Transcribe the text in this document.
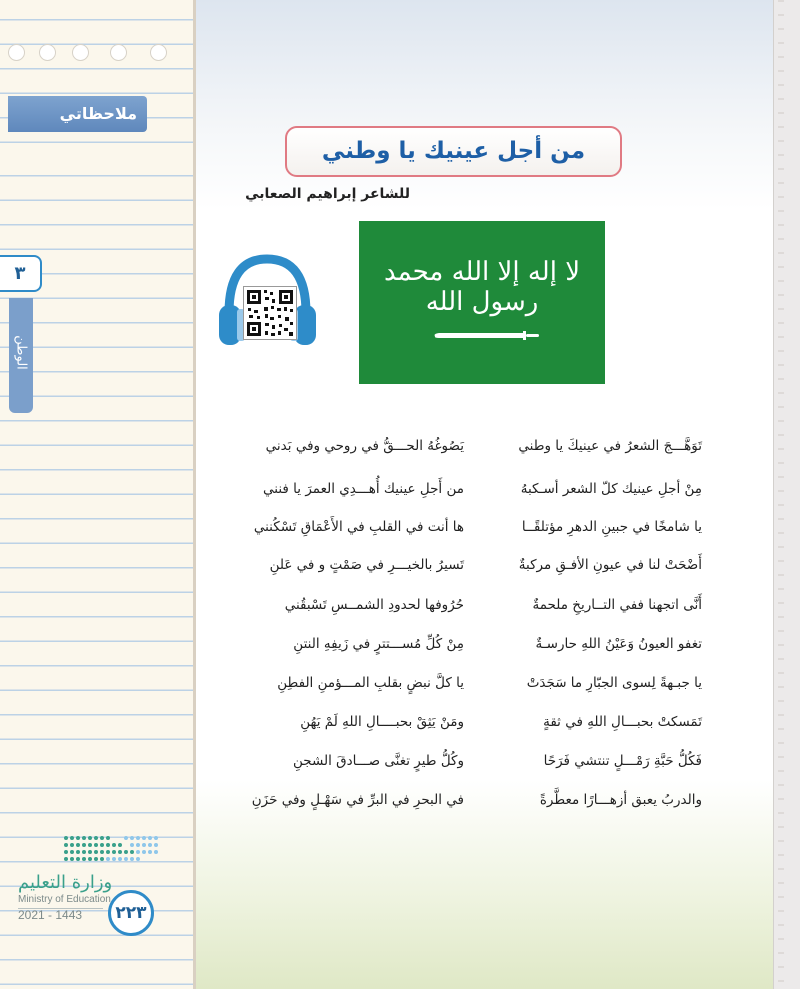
ملاحظاتي
٣
الوطن
وزارة التعليم
Ministry of Education
2021 - 1443	٢٢٣
من أجل عينيك يا وطني
للشاعر إبراهيم الصعابي
لا إله إلا الله محمد رسول الله
تَوَهَّـــجَ الشعرُ في عينيكَ يا وطني
يَصُوغُهُ الحـــقُّ في روحي وفي بَدني
مِنْ أجلِ عينيك كلّ الشعر أسـكبهُ
من أَجلِ عينيك أُهـــدِي العمرَ يا فنني
يا شامخًا في جبينِ الدهرِ مؤتلقًــا
ها أنت في القلبِ في الأَعْمَاقِ تَسْكُنني
أَضْحَتْ لنا في عيونِ الأفـقِ مركبةٌ
تَسيرُ بالخيـــرِ في صَمْتٍ و في عَلنِ
أَنَّى اتجهنا ففي التــاريخِ ملحمةٌ
حُرُوفها لحدودِ الشمــسِ تَسْبقُني
تغفو العيونُ وَعَيْنُ اللهِ حارسـةٌ
مِنْ كُلِّ مُســـتترٍ في زَيفِهِ النتنِ
يا جبـهةً لِسوى الجبّارِ ما سَجَدَتْ
يا كلَّ نبضٍ بقلبِ المـــؤمنِ الفطِنِ
تَمَسكتْ بحبـــالِ اللهِ في ثقةٍ
ومَنْ يَثِقْ بحبــــالِ اللهِ لَمْ يَهُنِ
فَكُلُّ حَبَّةِ رَمْـــلٍ تنتشي فَرَحًا
وكُلُّ طيرٍ تغنَّى صـــادقَ الشجنِ
والدربُ يعبق أزهـــارًا معطَّرةً
في البحرِ في البرِّ في سَهْـلٍ وفي حَزَنِ
